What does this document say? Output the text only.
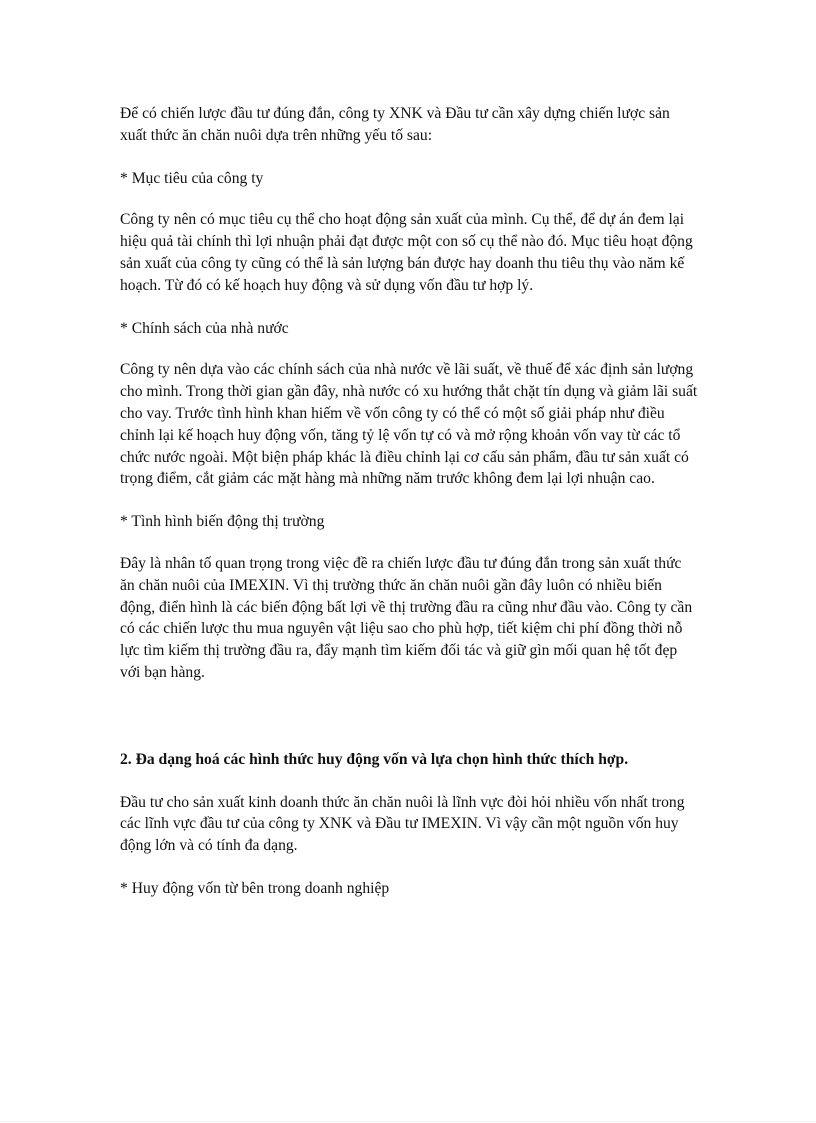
Để có chiến lược đầu tư đúng đắn, công ty XNK và Đầu tư cần xây dựng chiến lược sản xuất thức ăn chăn nuôi dựa trên những yếu tố sau:

* Mục tiêu của công ty

Công ty nên có mục tiêu cụ thể cho hoạt động sản xuất của mình. Cụ thể, để dự án đem lại hiệu quả tài chính thì lợi nhuận phải đạt được một con số cụ thể nào đó. Mục tiêu hoạt động sản xuất của công ty cũng có thể là sản lượng bán được hay doanh thu tiêu thụ vào năm kế hoạch. Từ đó có kế hoạch huy động và sử dụng vốn đầu tư hợp lý.

* Chính sách của nhà nước

Công ty nên dựa vào các chính sách của nhà nước về lãi suất, về thuế để xác định sản lượng cho mình. Trong thời gian gần đây, nhà nước có xu hướng thắt chặt tín dụng và giảm lãi suất cho vay. Trước tình hình khan hiếm về vốn công ty có thể có một số giải pháp như điều chỉnh lại kế hoạch huy động vốn, tăng tỷ lệ vốn tự có và mở rộng khoản vốn vay từ các tổ chức nước ngoài. Một biện pháp khác là điều chỉnh lại cơ cấu sản phẩm, đầu tư sản xuất có trọng điểm, cắt giảm các mặt hàng mà những năm trước không đem lại lợi nhuận cao.

* Tình hình biến động thị trường

Đây là nhân tố quan trọng trong việc đề ra chiến lược đầu tư đúng đắn trong sản xuất thức ăn chăn nuôi của IMEXIN. Vì thị trường thức ăn chăn nuôi gần đây luôn có nhiều biến động, điển hình là các biến động bất lợi về thị trường đầu ra cũng như đầu vào. Công ty cần có các chiến lược thu mua nguyên vật liệu sao cho phù hợp, tiết kiệm chi phí đồng thời nỗ lực tìm kiếm thị trường đầu ra, đẩy mạnh tìm kiếm đối tác và giữ gìn mối quan hệ tốt đẹp với bạn hàng.

2. Đa dạng hoá các hình thức huy động vốn và lựa chọn hình thức thích hợp.

Đầu tư cho sản xuất kinh doanh thức ăn chăn nuôi là lĩnh vực đòi hỏi nhiều vốn nhất trong các lĩnh vực đầu tư của công ty XNK và Đầu tư IMEXIN. Vì vậy cần một nguồn vốn huy động lớn và có tính đa dạng.

* Huy động vốn từ bên trong doanh nghiệp
